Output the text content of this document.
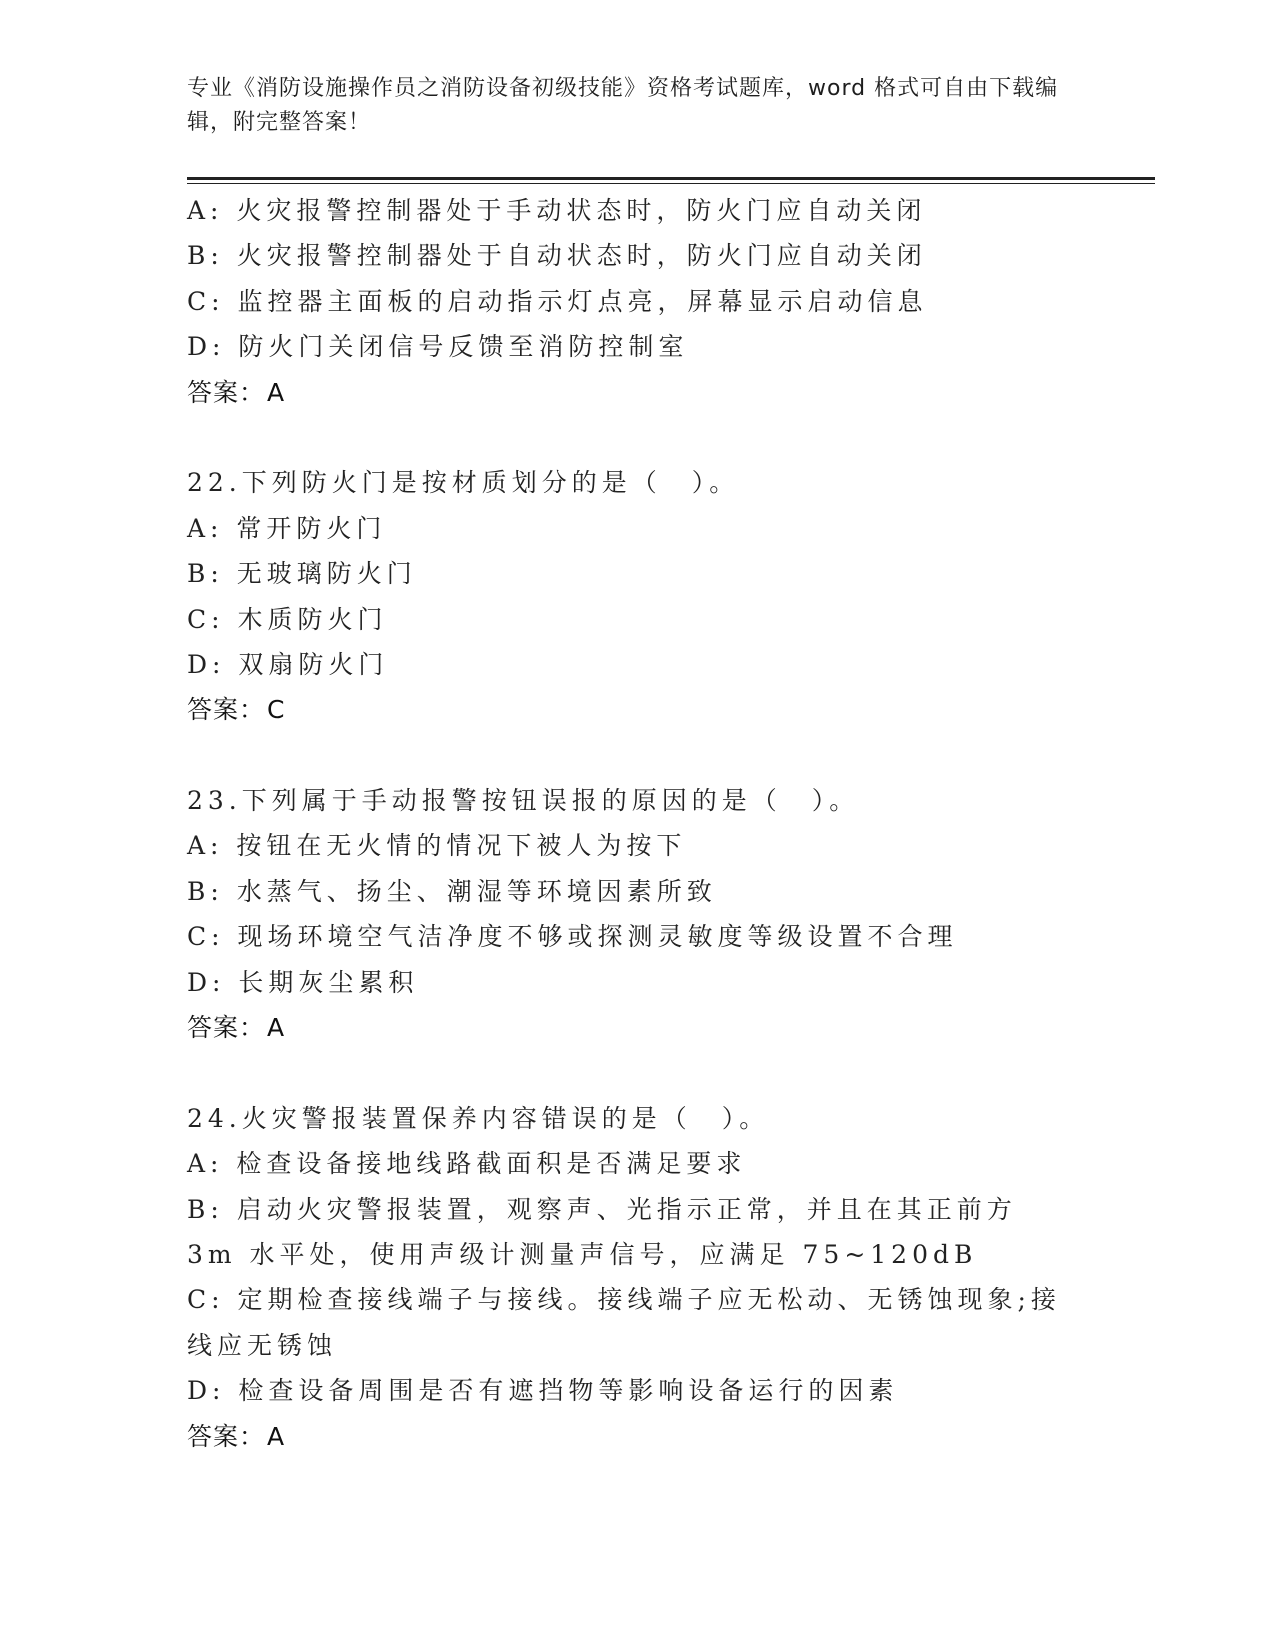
专业《消防设施操作员之消防设备初级技能》资格考试题库，word 格式可自由下载编辑，附完整答案！
A: 火灾报警控制器处于手动状态时，防火门应自动关闭
B: 火灾报警控制器处于自动状态时，防火门应自动关闭
C: 监控器主面板的启动指示灯点亮，屏幕显示启动信息
D: 防火门关闭信号反馈至消防控制室
答案：A
22.下列防火门是按材质划分的是（　）。
A: 常开防火门
B: 无玻璃防火门
C: 木质防火门
D: 双扇防火门
答案：C
23.下列属于手动报警按钮误报的原因的是（　）。
A: 按钮在无火情的情况下被人为按下
B: 水蒸气、扬尘、潮湿等环境因素所致
C: 现场环境空气洁净度不够或探测灵敏度等级设置不合理
D: 长期灰尘累积
答案：A
24.火灾警报装置保养内容错误的是（　）。
A: 检查设备接地线路截面积是否满足要求
B: 启动火灾警报装置，观察声、光指示正常，并且在其正前方 3m 水平处，使用声级计测量声信号，应满足 75~120dB
C: 定期检查接线端子与接线。接线端子应无松动、无锈蚀现象;接线应无锈蚀
D: 检查设备周围是否有遮挡物等影响设备运行的因素
答案：A
